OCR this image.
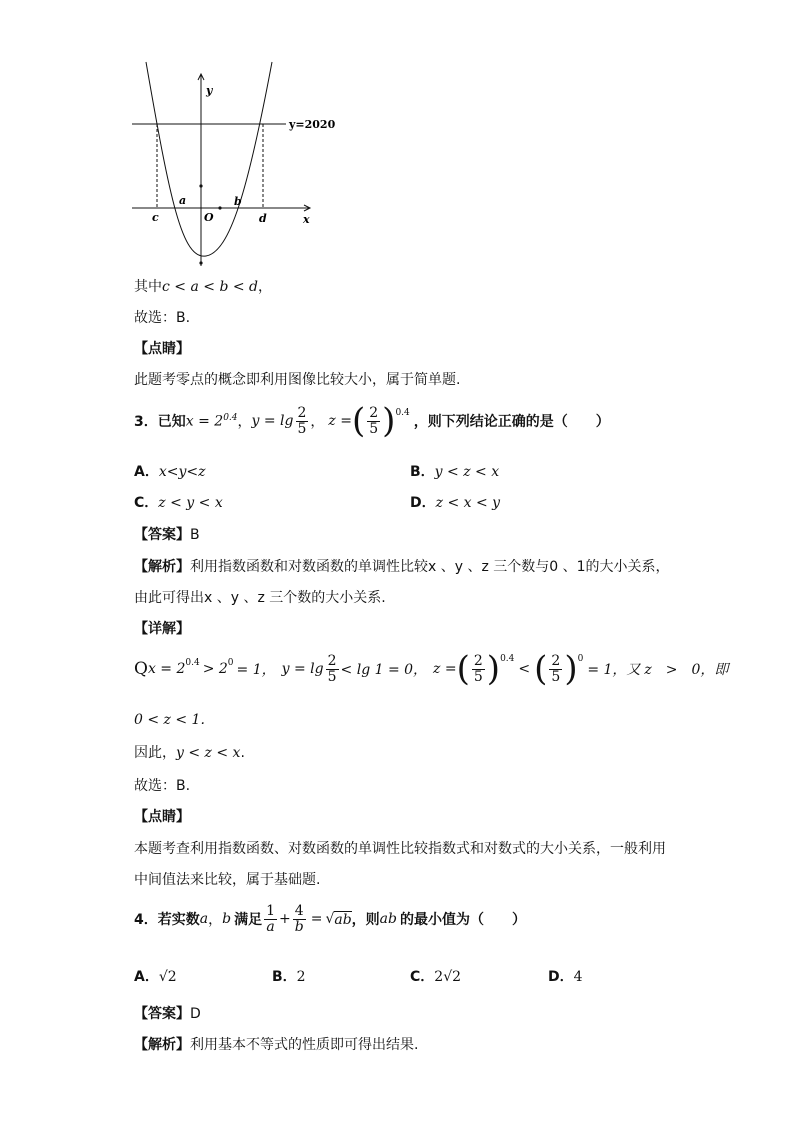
y
x
y=2020
a	b
c	d
O
其中c < a < b < d，
故选：B.
【点睛】
此题考零点的概念即利用图像比较大小，属于简单题.
3． 已知 $x = 2^{0.4}$ ， $y = \lg \frac{2}{5}$ ， z = ( $\frac{2}{5} )^{0.4}$
，则下列结论正确的是（　　）
A．x<y<z	B．y < z < x
C．z < y < x	D．z < x < y
【答案】B
【解析】利用指数函数和对数函数的单调性比较x 、y 、z 三个数与0 、1的大小关系，
由此可得出x 、y 、z 三个数的大小关系.
【详解】
Q $x = 2^{0.4} > 2^0 = 1$， $y = \lg \frac{2}{5} < \lg 1 = 0$， z = ( $\frac{2}{5} )^{0.4}$
< ( $\frac{2}{5} )^0$
= 1，又 z　>　0，即
0 < z < 1.
因此，y < z < x.
故选：B.
【点睛】
本题考查利用指数函数、对数函数的单调性比较指数式和对数式的大小关系，一般利用
中间值法来比较，属于基础题.
4． 若实数 a ， b 满足 $\frac{1}{a} + \frac{4}{b}$ = √ ab ，则 ab 的最小值为（　　）
A．√2	B．2	C．2√2	D．4
【答案】D
【解析】利用基本不等式的性质即可得出结果.
